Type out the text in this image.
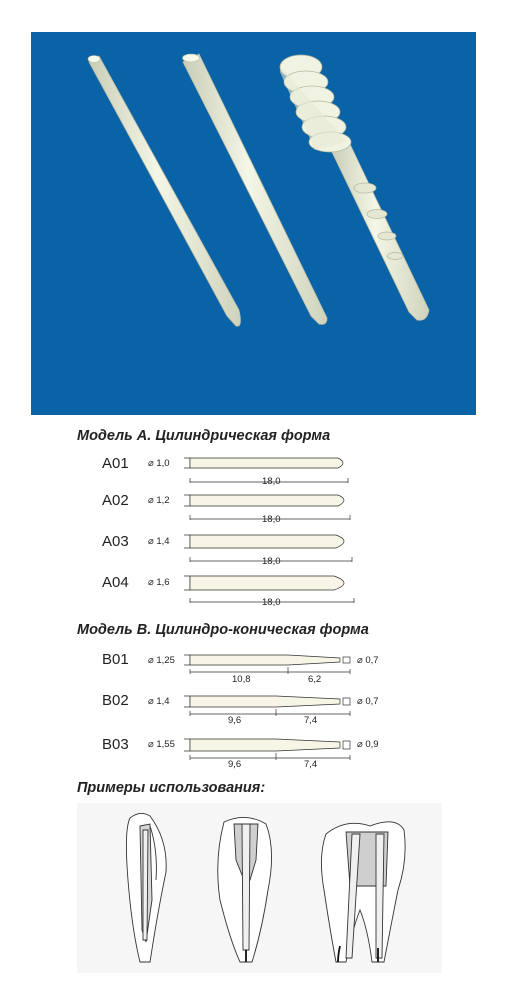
Модель А. Цилиндрическая форма
A01 ⌀ 1,0
18,0
A02 ⌀ 1,2
18,0
A03 ⌀ 1,4
18,0
A04 ⌀ 1,6
18,0
Модель В. Цилиндро-коническая форма
B01 ⌀ 1,25	⌀ 0,7
10,8	6,2
B02 ⌀ 1,4	⌀ 0,7
9,6	7,4
B03 ⌀ 1,55	⌀ 0,9
9,6	7,4
Примеры использования:
